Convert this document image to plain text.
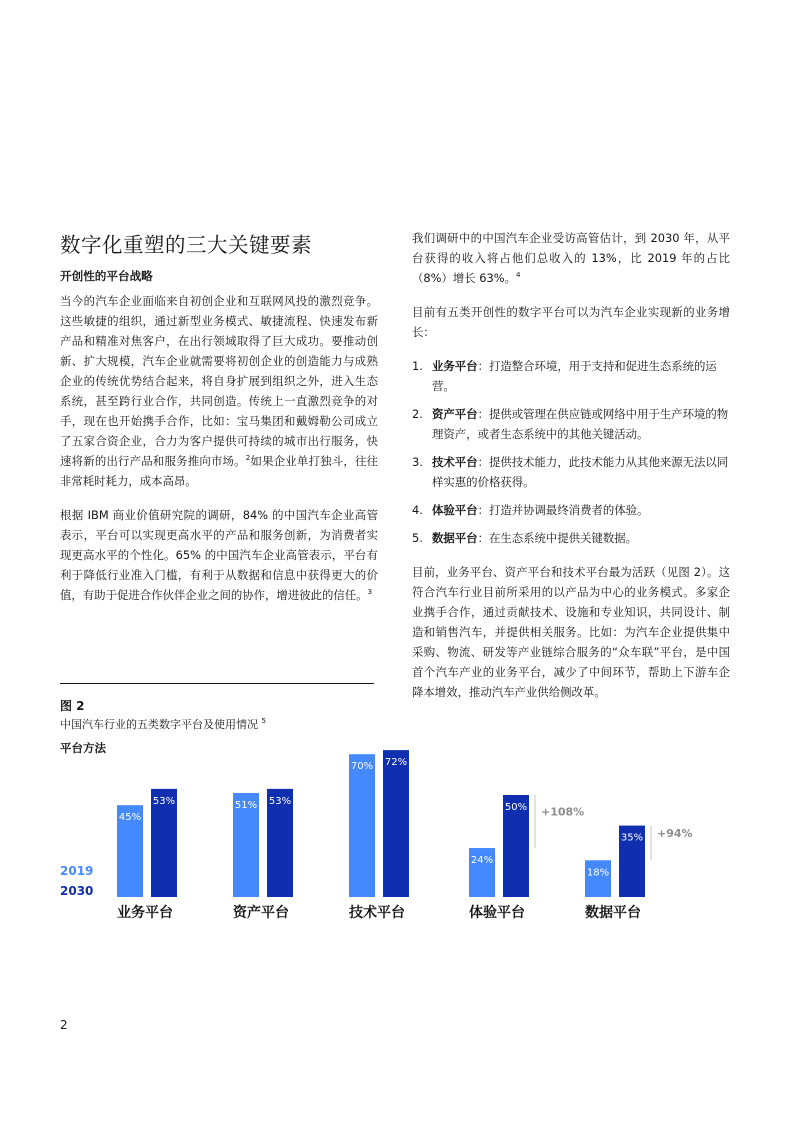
数字化重塑的三大关键要素
开创性的平台战略

当今的汽车企业面临来自初创企业和互联网风投的激烈竞争。这些敏捷的组织，通过新型业务模式、敏捷流程、快速发布新产品和精准对焦客户，在出行领域取得了巨大成功。要推动创新、扩大规模，汽车企业就需要将初创企业的创造能力与成熟企业的传统优势结合起来，将自身扩展到组织之外，进入生态系统，甚至跨行业合作，共同创造。传统上一直激烈竞争的对手，现在也开始携手合作，比如：宝马集团和戴姆勒公司成立了五家合资企业，合力为客户提供可持续的城市出行服务，快速将新的出行产品和服务推向市场。$^2$如果企业单打独斗，往往非常耗时耗力，成本高昂。

根据 IBM 商业价值研究院的调研，84% 的中国汽车企业高管表示，平台可以实现更高水平的产品和服务创新，为消费者实现更高水平的个性化。65% 的中国汽车企业高管表示，平台有利于降低行业准入门槛，有利于从数据和信息中获得更大的价值，有助于促进合作伙伴企业之间的协作，增进彼此的信任。$^3$

我们调研中的中国汽车企业受访高管估计，到 2030 年，从平台获得的收入将占他们总收入的 13%，比 2019 年的占比（8%）增长 63%。$^4$

目前有五类开创性的数字平台可以为汽车企业实现新的业务增长：

1. 业务平台：打造整合环境，用于支持和促进生态系统的运营。
2. 资产平台：提供或管理在供应链或网络中用于生产环境的物理资产，或者生态系统中的其他关键活动。
3. 技术平台：提供技术能力，此技术能力从其他来源无法以同样实惠的价格获得。
4. 体验平台：打造并协调最终消费者的体验。
5. 数据平台：在生态系统中提供关键数据。

目前，业务平台、资产平台和技术平台最为活跃（见图 2）。这符合汽车行业目前所采用的以产品为中心的业务模式。多家企业携手合作，通过贡献技术、设施和专业知识，共同设计、制造和销售汽车，并提供相关服务。比如：为汽车企业提供集中采购、物流、研发等产业链综合服务的“众车联”平台，是中国首个汽车产业的业务平台，减少了中间环节，帮助上下游车企降本增效，推动汽车产业供给侧改革。

图 2
中国汽车行业的五类数字平台及使用情况 $^5$
平台方法
2019
2030
45%
53%
业务平台
51% 53%
资产平台
70% 72%
技术平台
24%
50%
体验平台
18%
35%
数据平台
+108%
+94%
2
